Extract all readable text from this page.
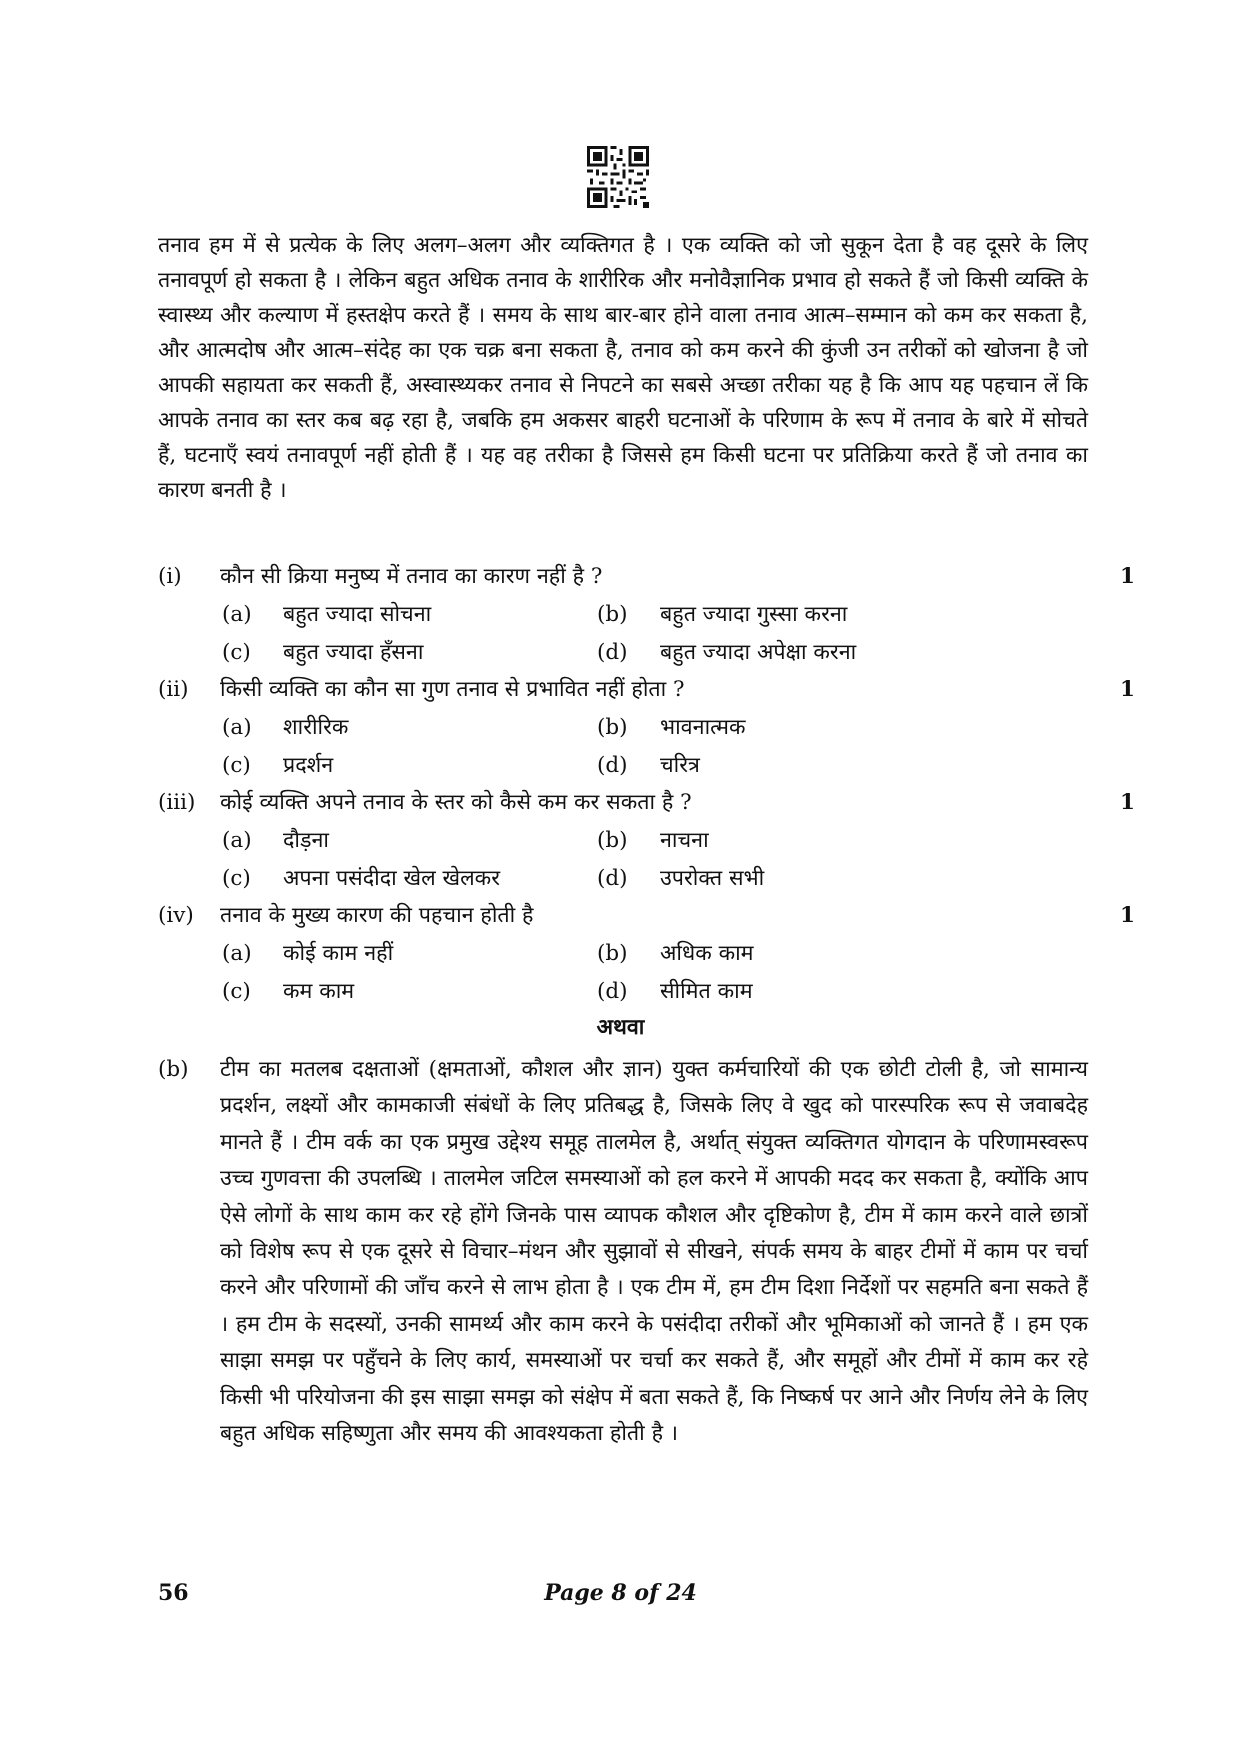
तनाव हम में से प्रत्येक के लिए अलग–अलग और व्यक्तिगत है । एक व्यक्ति को जो सुकून देता है वह दूसरे के लिए तनावपूर्ण हो सकता है । लेकिन बहुत अधिक तनाव के शारीरिक और मनोवैज्ञानिक प्रभाव हो सकते हैं जो किसी व्यक्ति के स्वास्थ्य और कल्याण में हस्तक्षेप करते हैं । समय के साथ बार-बार होने वाला तनाव आत्म–सम्मान को कम कर सकता है, और आत्मदोष और आत्म–संदेह का एक चक्र बना सकता है, तनाव को कम करने की कुंजी उन तरीकों को खोजना है जो आपकी सहायता कर सकती हैं, अस्वास्थ्यकर तनाव से निपटने का सबसे अच्छा तरीका यह है कि आप यह पहचान लें कि आपके तनाव का स्तर कब बढ़ रहा है, जबकि हम अकसर बाहरी घटनाओं के परिणाम के रूप में तनाव के बारे में सोचते हैं, घटनाएँ स्वयं तनावपूर्ण नहीं होती हैं । यह वह तरीका है जिससे हम किसी घटना पर प्रतिक्रिया करते हैं जो तनाव का कारण बनती है ।
(i)	कौन सी क्रिया मनुष्य में तनाव का कारण नहीं है ?	1
(a)	बहुत ज्यादा सोचना	(b)	बहुत ज्यादा गुस्सा करना
(c)	बहुत ज्यादा हँसना	(d)	बहुत ज्यादा अपेक्षा करना
(ii)	किसी व्यक्ति का कौन सा गुण तनाव से प्रभावित नहीं होता ?	1
(a)	शारीरिक	(b)	भावनात्मक
(c)	प्रदर्शन	(d)	चरित्र
(iii)	कोई व्यक्ति अपने तनाव के स्तर को कैसे कम कर सकता है ?	1
(a)	दौड़ना	(b)	नाचना
(c)	अपना पसंदीदा खेल खेलकर	(d)	उपरोक्त सभी
(iv)	तनाव के मुख्य कारण की पहचान होती है	1
(a)	कोई काम नहीं	(b)	अधिक काम
(c)	कम काम	(d)	सीमित काम
अथवा
(b) टीम का मतलब दक्षताओं (क्षमताओं, कौशल और ज्ञान) युक्त कर्मचारियों की एक छोटी टोली है, जो सामान्य प्रदर्शन, लक्ष्यों और कामकाजी संबंधों के लिए प्रतिबद्ध है, जिसके लिए वे खुद को पारस्परिक रूप से जवाबदेह मानते हैं । टीम वर्क का एक प्रमुख उद्देश्य समूह तालमेल है, अर्थात् संयुक्त व्यक्तिगत योगदान के परिणामस्वरूप उच्च गुणवत्ता की उपलब्धि । तालमेल जटिल समस्याओं को हल करने में आपकी मदद कर सकता है, क्योंकि आप ऐसे लोगों के साथ काम कर रहे होंगे जिनके पास व्यापक कौशल और दृष्टिकोण है, टीम में काम करने वाले छात्रों को विशेष रूप से एक दूसरे से विचार–मंथन और सुझावों से सीखने, संपर्क समय के बाहर टीमों में काम पर चर्चा करने और परिणामों की जाँच करने से लाभ होता है । एक टीम में, हम टीम दिशा निर्देशों पर सहमति बना सकते हैं । हम टीम के सदस्यों, उनकी सामर्थ्य और काम करने के पसंदीदा तरीकों और भूमिकाओं को जानते हैं । हम एक साझा समझ पर पहुँचने के लिए कार्य, समस्याओं पर चर्चा कर सकते हैं, और समूहों और टीमों में काम कर रहे किसी भी परियोजना की इस साझा समझ को संक्षेप में बता सकते हैं, कि निष्कर्ष पर आने और निर्णय लेने के लिए बहुत अधिक सहिष्णुता और समय की आवश्यकता होती है ।
56	Page 8 of 24
